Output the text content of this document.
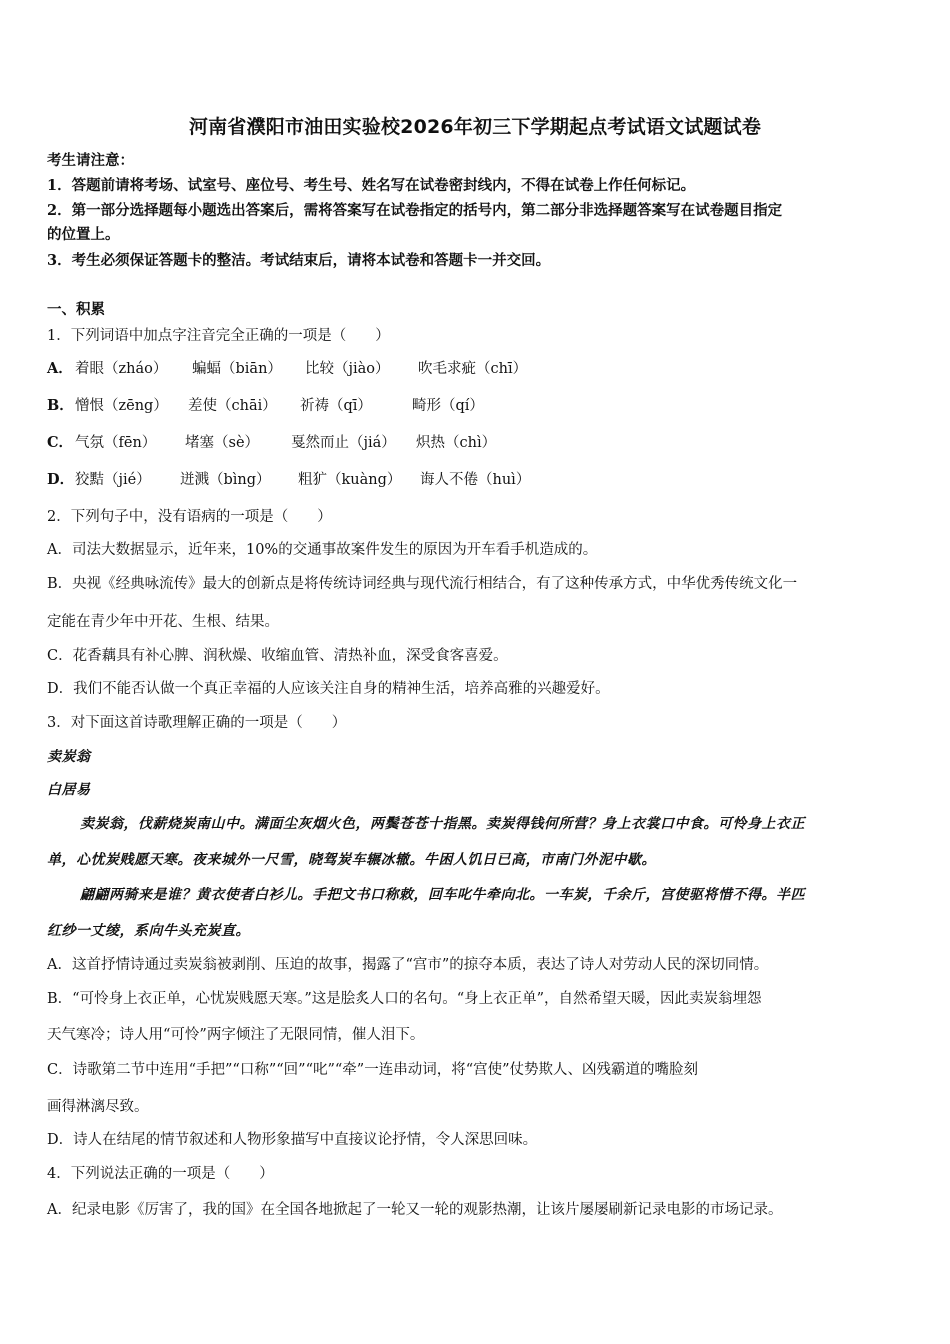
河南省濮阳市油田实验校2026年初三下学期起点考试语文试题试卷
考生请注意：
1．答题前请将考场、试室号、座位号、考生号、姓名写在试卷密封线内，不得在试卷上作任何标记。
2．第一部分选择题每小题选出答案后，需将答案写在试卷指定的括号内，第二部分非选择题答案写在试卷题目指定
的位置上。
3．考生必须保证答题卡的整洁。考试结束后，请将本试卷和答题卡一并交回。
一、积累
1．下列词语中加点字注音完全正确的一项是（　　）
A． 着眼（zháo） 蝙蝠（biān） 比较（jiào） 吹毛求疵（chī）
B．憎恨（zēng） 差使（chāi） 祈祷（qī）	畸形（qí）
C． 气氛（fēn） 堵塞（sè） 戛然而止（jiá） 炽热（chì）
D．狡黠（jié） 迸溅（bìng） 粗犷（kuàng） 诲人不倦（huì）
2．下列句子中，没有语病的一项是（　　）
A．司法大数据显示，近年来，10%的交通事故案件发生的原因为开车看手机造成的。
B．央视《经典咏流传》最大的创新点是将传统诗词经典与现代流行相结合，有了这种传承方式，中华优秀传统文化一
定能在青少年中开花、生根、结果。
C．花香藕具有补心脾、润秋燥、收缩血管、清热补血，深受食客喜爱。
D．我们不能否认做一个真正幸福的人应该关注自身的精神生活，培养高雅的兴趣爱好。
3．对下面这首诗歌理解正确的一项是（　　）
卖炭翁
白居易
卖炭翁，伐薪烧炭南山中。满面尘灰烟火色，两鬓苍苍十指黑。卖炭得钱何所营？身上衣裳口中食。可怜身上衣正
单，心忧炭贱愿天寒。夜来城外一尺雪，晓驾炭车辗冰辙。牛困人饥日已高，市南门外泥中歇。
翩翩两骑来是谁？黄衣使者白衫儿。手把文书口称敕，回车叱牛牵向北。一车炭，千余斤，宫使驱将惜不得。半匹
红纱一丈绫，系向牛头充炭直。
A．这首抒情诗通过卖炭翁被剥削、压迫的故事，揭露了“宫市”的掠夺本质，表达了诗人对劳动人民的深切同情。
B．“可怜身上衣正单，心忧炭贱愿天寒。”这是脍炙人口的名句。“身上衣正单”，自然希望天暖，因此卖炭翁埋怨
天气寒冷；诗人用“可怜”两字倾注了无限同情，催人泪下。
C．诗歌第二节中连用“手把”“口称”“回”“叱”“牵”一连串动词，将“宫使”仗势欺人、凶残霸道的嘴脸刻
画得淋漓尽致。
D．诗人在结尾的情节叙述和人物形象描写中直接议论抒情，令人深思回味。
4．下列说法正确的一项是（　　）
A．纪录电影《厉害了，我的国》在全国各地掀起了一轮又一轮的观影热潮，让该片屡屡刷新记录电影的市场记录。
